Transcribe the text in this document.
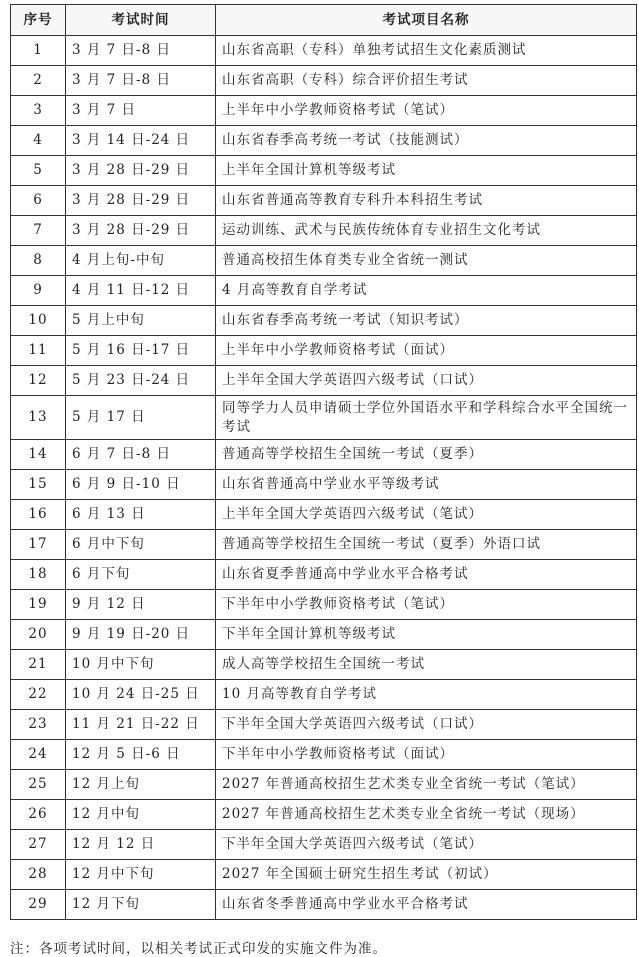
序号	考试时间	考试项目名称
1	3 月 7 日-8 日	山东省高职（专科）单独考试招生文化素质测试
2	3 月 7 日-8 日	山东省高职（专科）综合评价招生考试
3	3 月 7 日	上半年中小学教师资格考试（笔试）
4	3 月 14 日-24 日	山东省春季高考统一考试（技能测试）
5	3 月 28 日-29 日	上半年全国计算机等级考试
6	3 月 28 日-29 日	山东省普通高等教育专科升本科招生考试
7	3 月 28 日-29 日	运动训练、武术与民族传统体育专业招生文化考试
8	4 月上旬-中旬	普通高校招生体育类专业全省统一测试
9	4 月 11 日-12 日	4 月高等教育自学考试
10	5 月上中旬	山东省春季高考统一考试（知识考试）
11	5 月 16 日-17 日	上半年中小学教师资格考试（面试）
12	5 月 23 日-24 日	上半年全国大学英语四六级考试（口试）
13	5 月 17 日	同等学力人员申请硕士学位外国语水平和学科综合水平全国统一考试
14	6 月 7 日-8 日	普通高等学校招生全国统一考试（夏季）
15	6 月 9 日-10 日	山东省普通高中学业水平等级考试
16	6 月 13 日	上半年全国大学英语四六级考试（笔试）
17	6 月中下旬	普通高等学校招生全国统一考试（夏季）外语口试
18	6 月下旬	山东省夏季普通高中学业水平合格考试
19	9 月 12 日	下半年中小学教师资格考试（笔试）
20	9 月 19 日-20 日	下半年全国计算机等级考试
21	10 月中下旬	成人高等学校招生全国统一考试
22	10 月 24 日-25 日	10 月高等教育自学考试
23	11 月 21 日-22 日	下半年全国大学英语四六级考试（口试）
24	12 月 5 日-6 日	下半年中小学教师资格考试（面试）
25	12 月上旬	2027 年普通高校招生艺术类专业全省统一考试（笔试）
26	12 月中旬	2027 年普通高校招生艺术类专业全省统一考试（现场）
27	12 月 12 日	下半年全国大学英语四六级考试（笔试）
28	12 月中下旬	2027 年全国硕士研究生招生考试（初试）
29	12 月下旬	山东省冬季普通高中学业水平合格考试
注：各项考试时间，以相关考试正式印发的实施文件为准。
